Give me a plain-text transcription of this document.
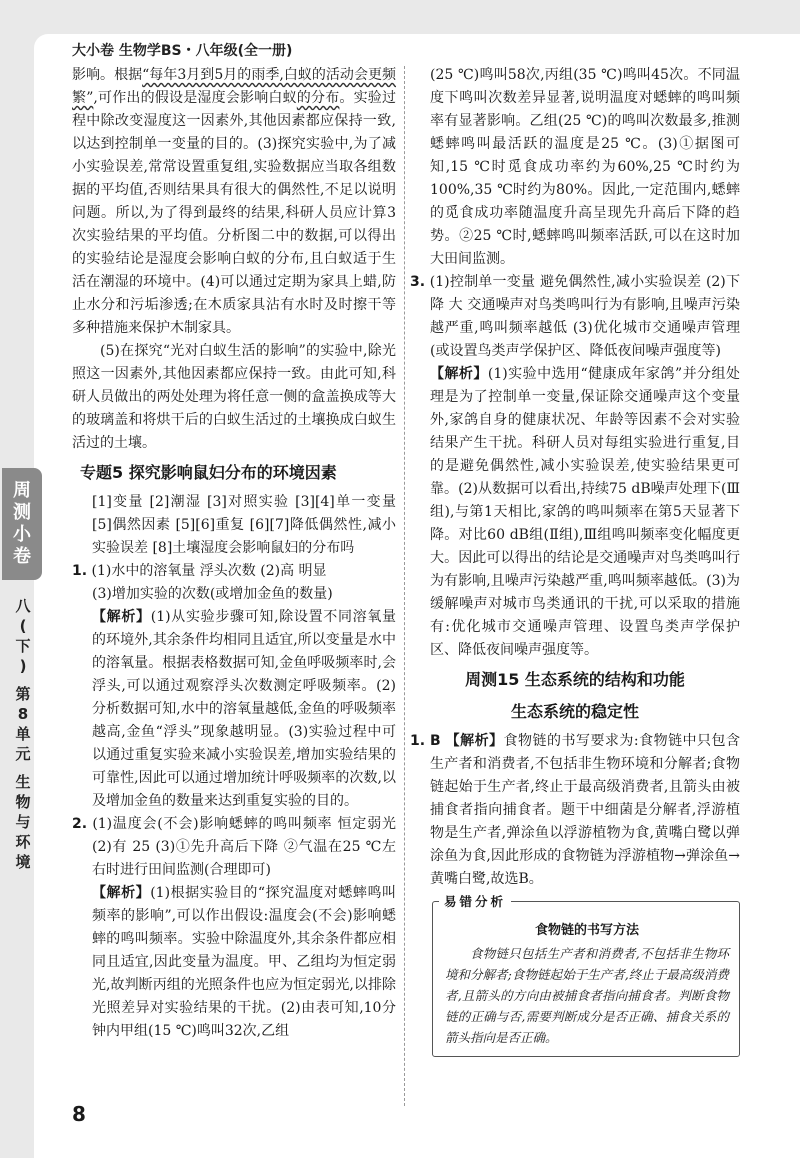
大小卷 生物学BS・八年级(全一册)
周
测
小
卷
八
(
下
)
第
8
单
元
生
物
与
环
境

影响。根据“每年3月到5月的雨季,白蚁的活动会更频繁”,可作出的假设是湿度会影响白蚁的分布。实验过程中除改变湿度这一因素外,其他因素都应保持一致,以达到控制单一变量的目的。(3)探究实验中,为了减小实验误差,常常设置重复组,实验数据应当取各组数据的平均值,否则结果具有很大的偶然性,不足以说明问题。所以,为了得到最终的结果,科研人员应计算3次实验结果的平均值。分析图二中的数据,可以得出的实验结论是湿度会影响白蚁的分布,且白蚁适于生活在潮湿的环境中。(4)可以通过定期为家具上蜡,防止水分和污垢渗透;在木质家具沾有水时及时擦干等多种措施来保护木制家具。

(5)在探究“光对白蚁生活的影响”的实验中,除光照这一因素外,其他因素都应保持一致。由此可知,科研人员做出的两处处理为将任意一侧的盒盖换成等大的玻璃盖和将烘干后的白蚁生活过的土壤换成白蚁生活过的土壤。

专题5 探究影响鼠妇分布的环境因素

[1]变量 [2]潮湿 [3]对照实验 [3][4]单一变量 [5]偶然因素 [5][6]重复 [6][7]降低偶然性,减小实验误差 [8]土壤湿度会影响鼠妇的分布吗

1. (1)水中的溶氧量 浮头次数 (2)高 明显

(3)增加实验的次数(或增加金鱼的数量)

【解析】(1)从实验步骤可知,除设置不同溶氧量的环境外,其余条件均相同且适宜,所以变量是水中的溶氧量。根据表格数据可知,金鱼呼吸频率时,会浮头,可以通过观察浮头次数测定呼吸频率。(2)分析数据可知,水中的溶氧量越低,金鱼的呼吸频率越高,金鱼“浮头”现象越明显。(3)实验过程中可以通过重复实验来减小实验误差,增加实验结果的可靠性,因此可以通过增加统计呼吸频率的次数,以及增加金鱼的数量来达到重复实验的目的。

2. (1)温度会(不会)影响蟋蟀的鸣叫频率 恒定弱光 (2)有 25 (3)①先升高后下降 ②气温在25 ℃左右时进行田间监测(合理即可)

【解析】(1)根据实验目的“探究温度对蟋蟀鸣叫频率的影响”,可以作出假设:温度会(不会)影响蟋蟀的鸣叫频率。实验中除温度外,其余条件都应相同且适宜,因此变量为温度。甲、乙组均为恒定弱光,故判断丙组的光照条件也应为恒定弱光,以排除光照差异对实验结果的干扰。(2)由表可知,10分钟内甲组(15 ℃)鸣叫32次,乙组

(25 ℃)鸣叫58次,丙组(35 ℃)鸣叫45次。不同温度下鸣叫次数差异显著,说明温度对蟋蟀的鸣叫频率有显著影响。乙组(25 ℃)的鸣叫次数最多,推测蟋蟀鸣叫最活跃的温度是25 ℃。(3)①据图可知,15 ℃时觅食成功率约为60%,25 ℃时约为100%,35 ℃时约为80%。因此,一定范围内,蟋蟀的觅食成功率随温度升高呈现先升高后下降的趋势。②25 ℃时,蟋蟀鸣叫频率活跃,可以在这时加大田间监测。

3. (1)控制单一变量 避免偶然性,减小实验误差 (2)下降 大 交通噪声对鸟类鸣叫行为有影响,且噪声污染越严重,鸣叫频率越低 (3)优化城市交通噪声管理(或设置鸟类声学保护区、降低夜间噪声强度等)

【解析】(1)实验中选用“健康成年家鸽”并分组处理是为了控制单一变量,保证除交通噪声这个变量外,家鸽自身的健康状况、年龄等因素不会对实验结果产生干扰。科研人员对每组实验进行重复,目的是避免偶然性,减小实验误差,使实验结果更可靠。(2)从数据可以看出,持续75 dB噪声处理下(Ⅲ组),与第1天相比,家鸽的鸣叫频率在第5天显著下降。对比60 dB组(Ⅱ组),Ⅲ组鸣叫频率变化幅度更大。因此可以得出的结论是交通噪声对鸟类鸣叫行为有影响,且噪声污染越严重,鸣叫频率越低。(3)为缓解噪声对城市鸟类通讯的干扰,可以采取的措施有:优化城市交通噪声管理、设置鸟类声学保护区、降低夜间噪声强度等。

周测15 生态系统的结构和功能
生态系统的稳定性

1. B 【解析】食物链的书写要求为:食物链中只包含生产者和消费者,不包括非生物环境和分解者;食物链起始于生产者,终止于最高级消费者,且箭头由被捕食者指向捕食者。题干中细菌是分解者,浮游植物是生产者,弹涂鱼以浮游植物为食,黄嘴白鹭以弹涂鱼为食,因此形成的食物链为浮游植物→弹涂鱼→黄嘴白鹭,故选B。

易错分析
食物链的书写方法
食物链只包括生产者和消费者,不包括非生物环境和分解者;食物链起始于生产者,终止于最高级消费者,且箭头的方向由被捕食者指向捕食者。判断食物链的正确与否,需要判断成分是否正确、捕食关系的箭头指向是否正确。
8
